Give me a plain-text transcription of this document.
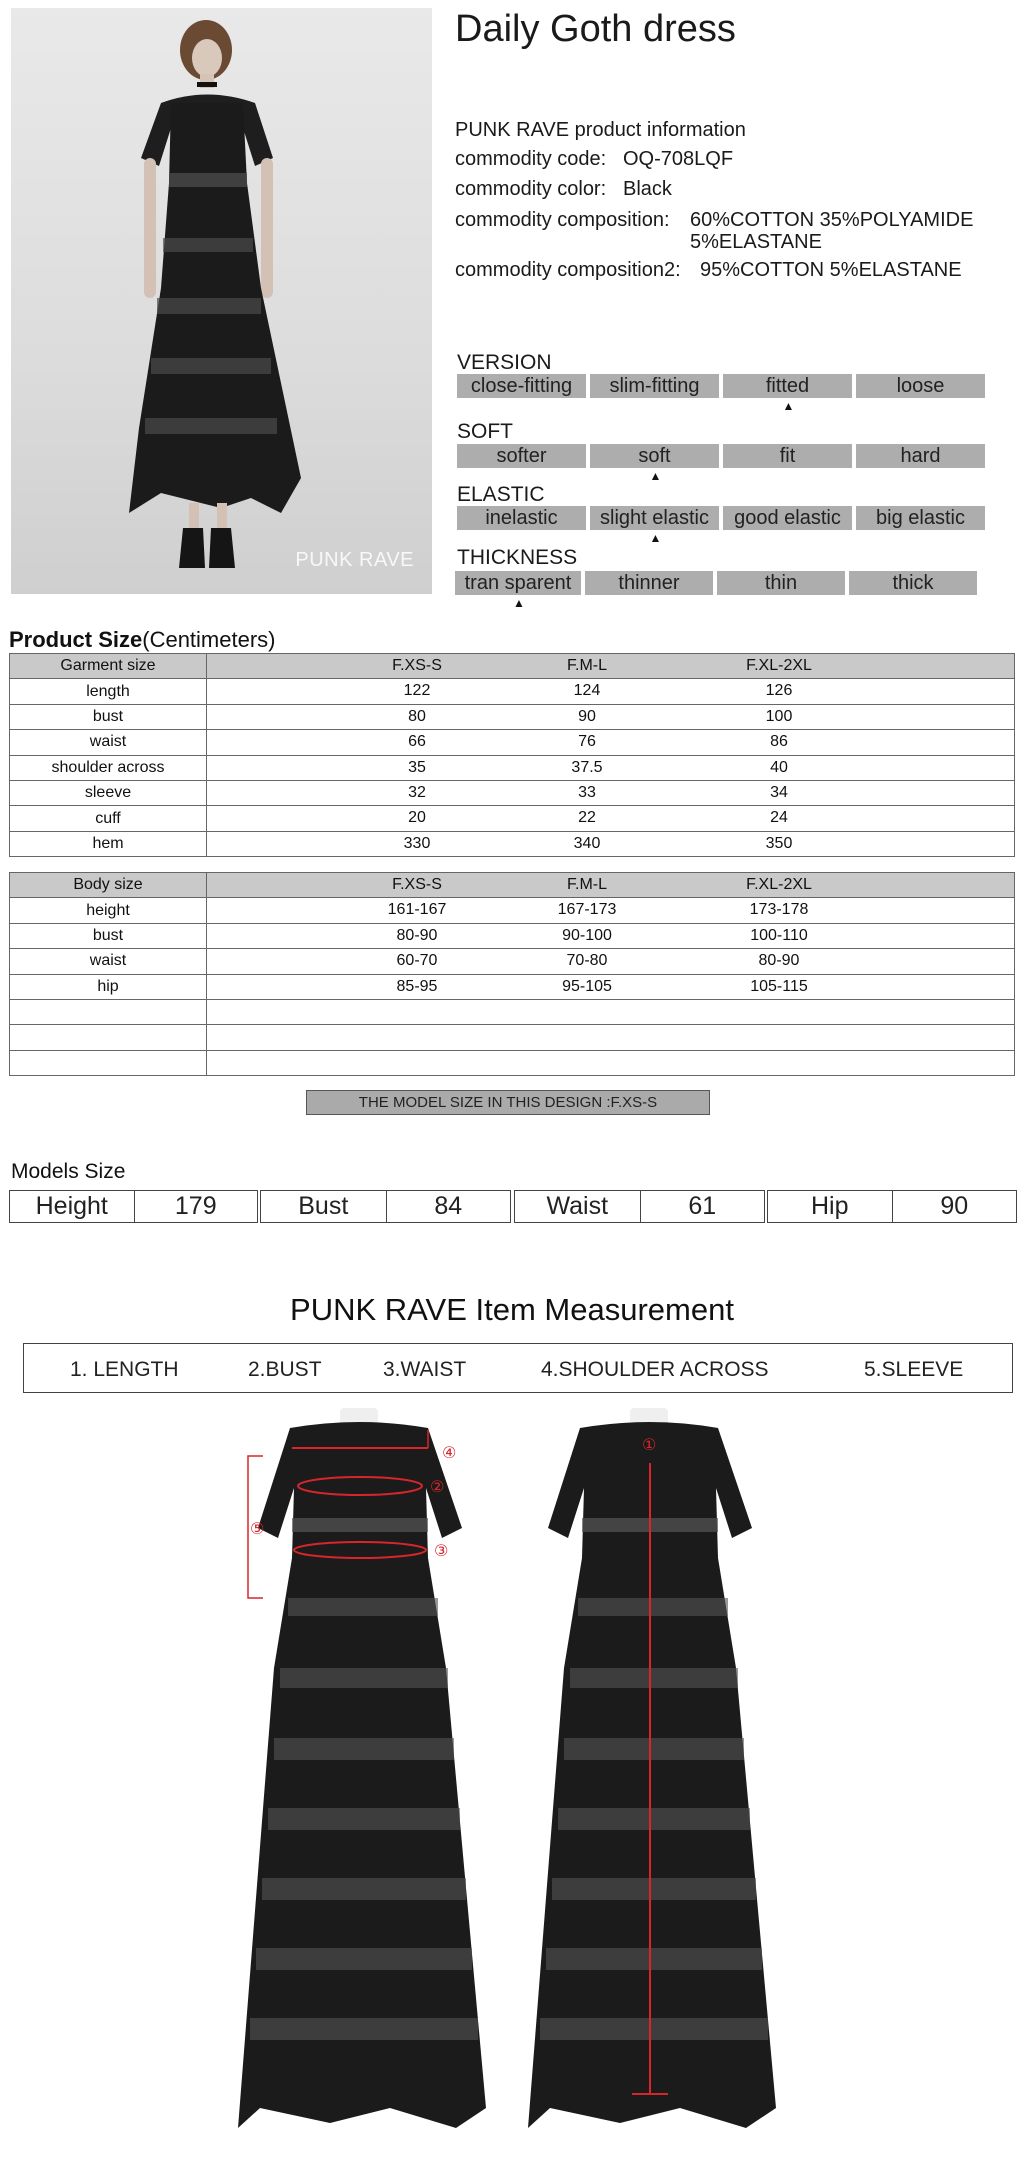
PUNK RAVE
Daily Goth dress
PUNK RAVE product information
commodity code: OQ-708LQF
commodity color: Black
commodity composition: 60%COTTON 35%POLYAMIDE
5%ELASTANE
commodity composition2: 95%COTTON 5%ELASTANE
VERSION
close-fitting	slim-fitting	fitted	loose
▲
SOFT
softer	soft	fit	hard
▲
ELASTIC
inelastic	slight elastic	good elastic	big elastic
▲
THICKNESS
tran sparent	thinner	thin	thick
▲
Product Size(Centimeters)
Garment size	F.XS-S F.M-L F.XL-2XL

length	122 124 126

bust	80 90 100

waist	66 76 86

shoulder across	35 37.5 40

sleeve	32 33 34

cuff	20 22 24

hem	330 340 350
Body size	F.XS-S F.M-L F.XL-2XL

height	161-167 167-173 173-178

bust	80-90 90-100 100-110

waist	60-70 70-80 80-90

hip	85-95 95-105 105-115

THE MODEL SIZE IN THIS DESIGN :F.XS-S
Models Size
Height	179	Bust	84	Waist	61	Hip	90
PUNK RAVE Item Measurement
1. LENGTH	2.BUST	3.WAIST	4.SHOULDER ACROSS	5.SLEEVE
④
②
③
⑤
①
